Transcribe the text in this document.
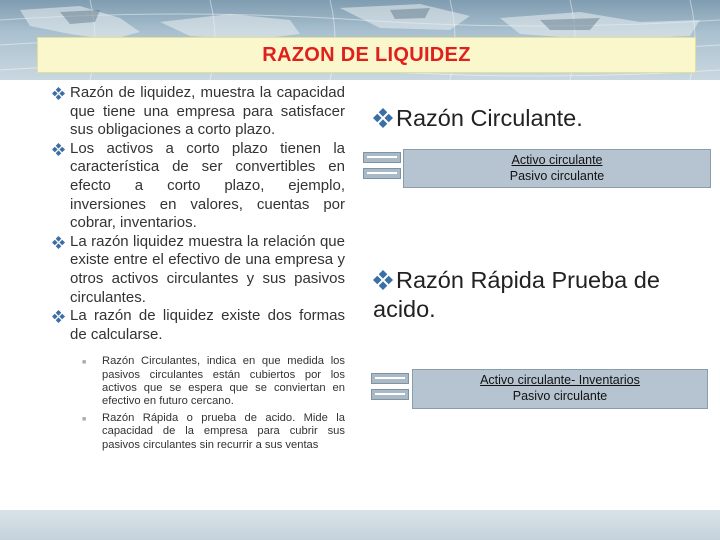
RAZON DE LIQUIDEZ

Razón de liquidez, muestra la capacidad que tiene una empresa para satisfacer sus obligaciones a corto plazo.

Los activos a corto plazo tienen la característica de ser convertibles en efecto a corto plazo, ejemplo, inversiones en valores, cuentas por cobrar, inventarios.

La razón liquidez muestra la relación que existe entre el efectivo de una empresa y otros activos circulantes y sus pasivos circulantes.

La razón de liquidez existe dos formas de calcularse.

■ Razón Circulantes, indica en que medida los pasivos circulantes están cubiertos por los activos que se espera que se conviertan en efectivo en futuro cercano.

■ Razón Rápida o prueba de acido. Mide la capacidad de la empresa para cubrir sus pasivos circulantes sin recurrir a sus ventas

Razón Circulante.
Activo circulante
Pasivo circulante
Razón Rápida Prueba de acido.
Activo circulante- Inventarios
Pasivo circulante
